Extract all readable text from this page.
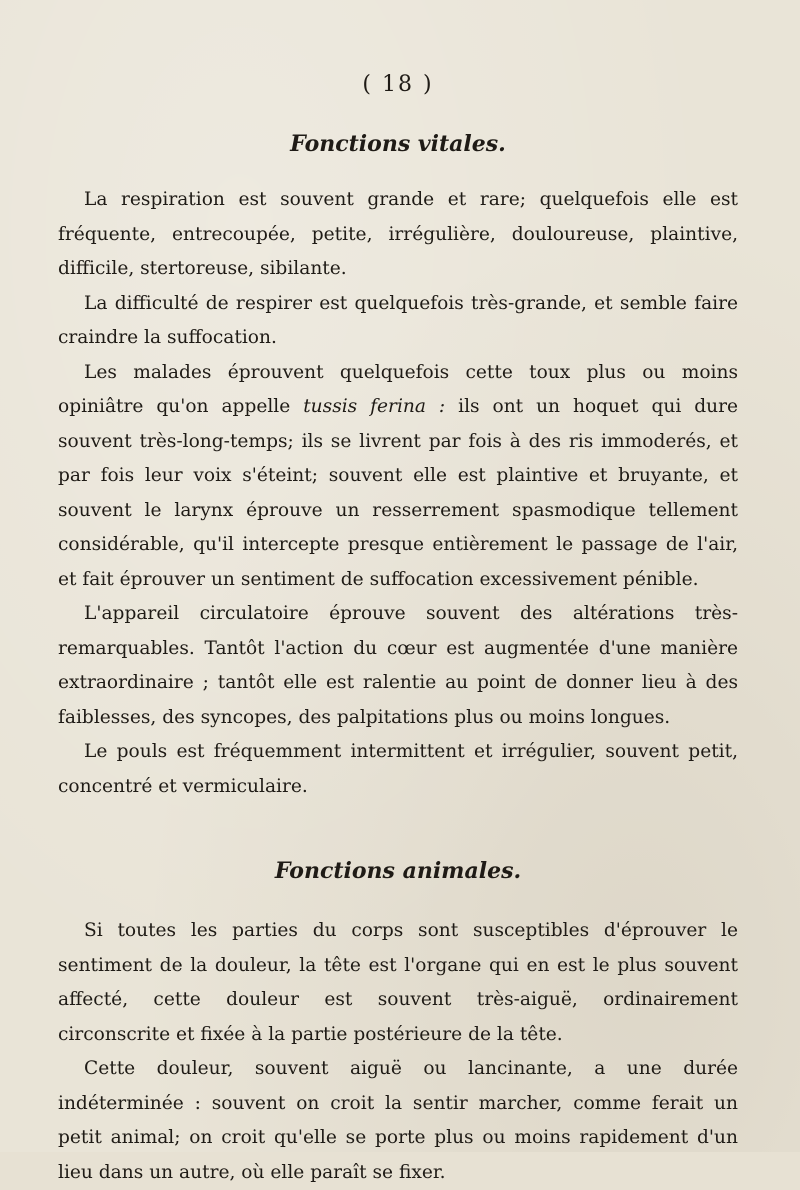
( 18 )
Fonctions vitales.

La respiration est souvent grande et rare; quelquefois elle est fréquente, entrecoupée, petite, irrégulière, douloureuse, plaintive, difficile, stertoreuse, sibilante.

La difficulté de respirer est quelquefois très-grande, et semble faire craindre la suffocation.

Les malades éprouvent quelquefois cette toux plus ou moins opiniâtre qu'on appelle tussis ferina : ils ont un hoquet qui dure souvent très-long-temps; ils se livrent par fois à des ris immoderés, et par fois leur voix s'éteint; souvent elle est plaintive et bruyante, et souvent le larynx éprouve un resserrement spasmodique tellement considérable, qu'il intercepte presque entièrement le passage de l'air, et fait éprouver un sentiment de suffocation excessivement pénible.

L'appareil circulatoire éprouve souvent des altérations très-remarquables. Tantôt l'action du cœur est augmentée d'une manière extraordinaire ; tantôt elle est ralentie au point de donner lieu à des faiblesses, des syncopes, des palpitations plus ou moins longues.

Le pouls est fréquemment intermittent et irrégulier, souvent petit, concentré et vermiculaire.

Fonctions animales.

Si toutes les parties du corps sont susceptibles d'éprouver le sentiment de la douleur, la tête est l'organe qui en est le plus souvent affecté, cette douleur est souvent très-aiguë, ordinairement circonscrite et fixée à la partie postérieure de la tête.

Cette douleur, souvent aiguë ou lancinante, a une durée indéterminée : souvent on croit la sentir marcher, comme ferait un petit animal; on croit qu'elle se porte plus ou moins rapidement d'un lieu dans un autre, où elle paraît se fixer.
